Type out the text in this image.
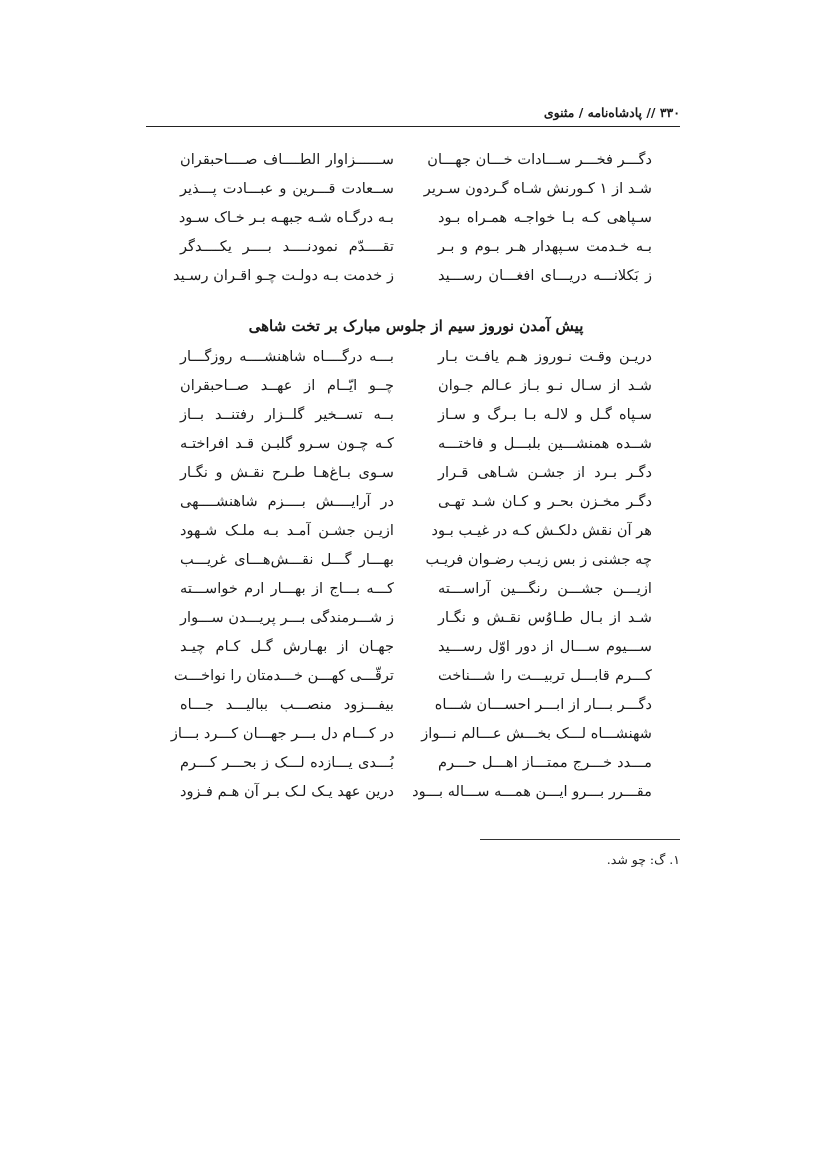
۳۳۰ // پادشاه‌نامه / مثنوی
دگـــر فخـــر ســـادات خـــان جهـــان
ســــــزاوار الطــــاف صــــاحبقران
شـد از ۱ کـورنش شـاه گـردون سـریر
ســعادت قـــرین و عبـــادت پـــذیر
سـپاهی کـه بـا خواجـه همـراه بـود
بـه درگـاه شـه جبهـه بـر خـاک سـود
بـه خـدمت سـپهدار هـر بـوم و بـر
تقــــدّم نمودنــــد بــــر یکــــدگر
ز بَکلانـــه دریـــای افغـــان رســـید
ز خدمت بـه دولـت چـو اقـران رسـید
پیش آمدن نوروز سیم از جلوس مبارک بر تخت شاهی
دریـن وقـت نـوروز هـم یافـت بـار
بـــه درگــــاه شاهنشــــه روزگـــار
شـد از سـال نـو بـاز عـالم جـوان
چــو ایّــام از عهــد صــاحبقران
سـپاه گـل و لالـه بـا بـرگ و سـاز
بــه تســخیر گلــزار رفتنــد بــاز
شــده همنشـــین بلبـــل و فاختـــه
کـه چـون سـرو گلبـن قـد افراختـه
دگـر بـرد از جشـن شـاهی قـرار
سـوی بـاغ‌هـا طـرح نقـش و نگـار
دگـر مخـزن بحـر و کـان شـد تهـی
در آرایــــش بــــزم شاهنشــــهی
هر آن نقش دلکـش کـه در غیـب بـود
ازیـن جشـن آمـد بـه ملـک شـهود
چه جشنی ز بس زیـب رضـوان فریـب
بهـــار گـــل نقـــش‌هـــای غریـــب
ازیـــن جشـــن رنگـــین آراســـته
کـــه بـــاج از بهـــار ارم خواســـته
شـد از بـال طـاوُس نقـش و نگـار
ز شـــرمندگی بـــر پریـــدن ســـوار
ســـیوم ســـال از دور اوّل رســـید
جهـان از بهـارش گـل کـام چیـد
کـــرم قابـــل تربیـــت را شـــناخت
ترقّـــی کهـــن خـــدمتان را نواخـــت
دگـــر بـــار از ابـــر احســـان شـــاه
بیفـــزود منصـــب ببالیـــد جـــاه
شهنشـــاه لـــک بخـــش عـــالم نـــواز
در کـــام دل بـــر جهـــان کـــرد بـــاز
مـــدد خـــرج ممتـــاز اهـــل حـــرم
بُـــدی یـــازده لـــک ز بحـــر کـــرم
مقـــرر بـــرو ایـــن همـــه ســـاله بـــود
درین عهد یـک لـک بـر آن هـم فـزود
۱. گ: چو شد.
